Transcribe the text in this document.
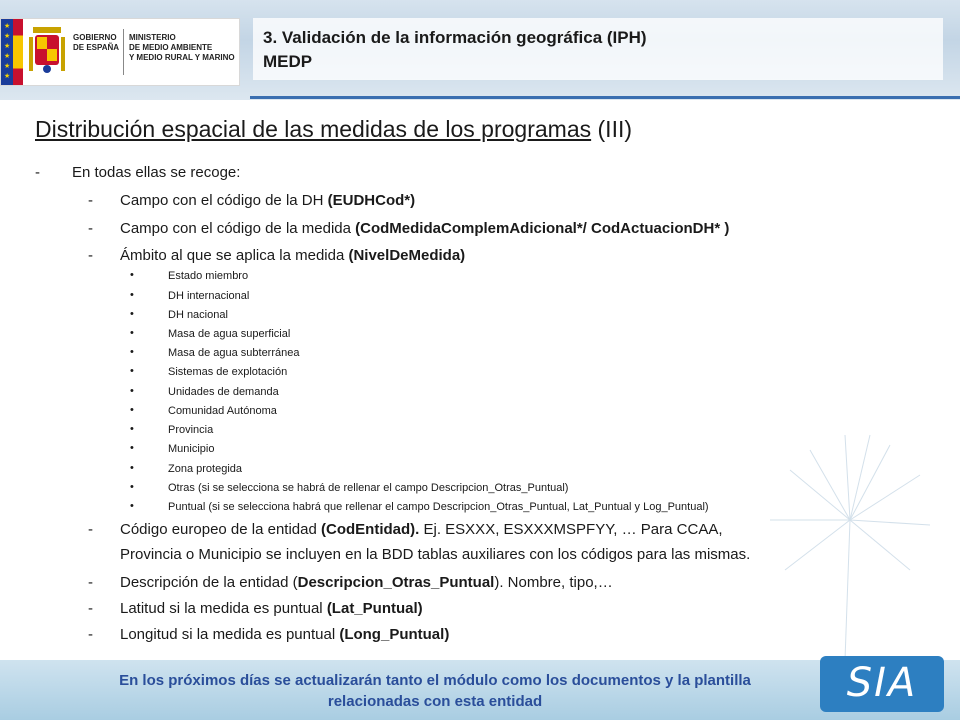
★
★
★
★
★
★
GOBIERNO
DE ESPAÑA
MINISTERIO
DE MEDIO AMBIENTE
Y MEDIO RURAL Y MARINO
3. Validación de la información geográfica (IPH)
MEDP
Distribución espacial de las medidas de los programas (III)
- En todas ellas se recoge:
- Campo con el código de la DH (EUDHCod*)
- Campo con el código de la medida (CodMedidaComplemAdicional*/ CodActuacionDH* )
- Ámbito al que se aplica la medida (NivelDeMedida)
•	Estado miembro
•	DH internacional
•	DH nacional
•	Masa de agua superficial
•	Masa de agua subterránea
•	Sistemas de explotación
•	Unidades de demanda
•	Comunidad Autónoma
•	Provincia
•	Municipio
•	Zona protegida
•	Otras (si se selecciona se habrá de rellenar el campo Descripcion_Otras_Puntual)
•	Puntual (si se selecciona habrá que rellenar el campo Descripcion_Otras_Puntual, Lat_Puntual y Log_Puntual)
- Código europeo de la entidad (CodEntidad). Ej. ESXXX, ESXXXMSPFYY, … Para CCAA,
Provincia o Municipio se incluyen en la BDD tablas auxiliares con los códigos para las mismas.
- Descripción de la entidad (Descripcion_Otras_Puntual). Nombre, tipo,…
- Latitud si la medida es puntual (Lat_Puntual)
- Longitud si la medida es puntual (Long_Puntual)
En los próximos días se actualizarán tanto el módulo como los documentos y la plantilla
relacionadas con esta entidad	SIA
